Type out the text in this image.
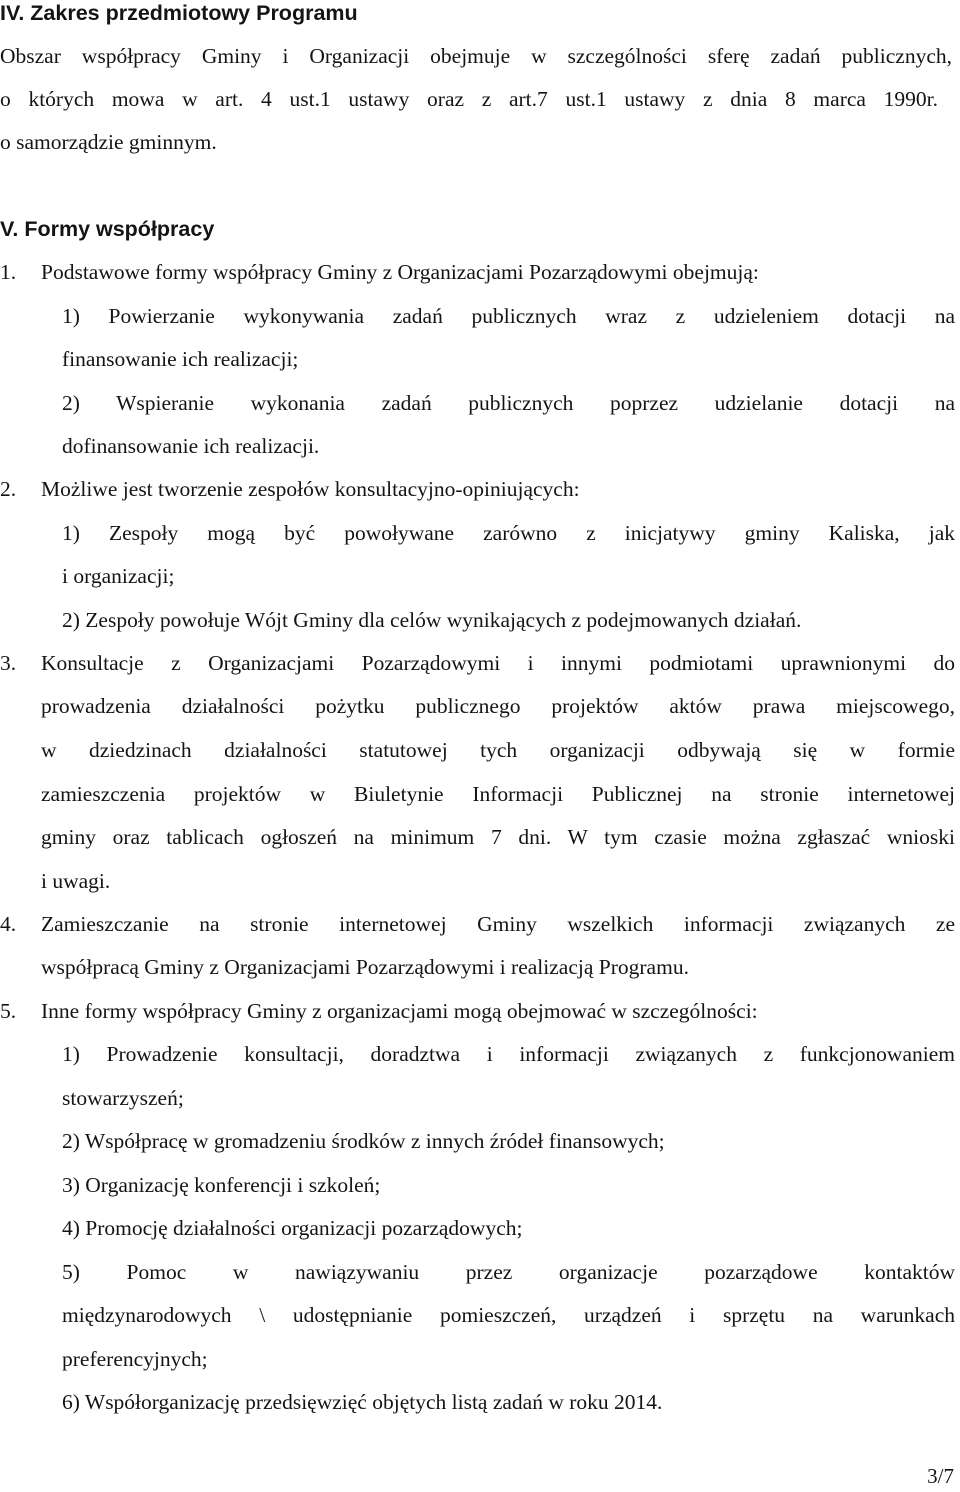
IV. Zakres przedmiotowy Programu
Obszar współpracy Gminy i Organizacji obejmuje w szczególności sferę zadań publicznych,
o których mowa w art. 4 ust.1 ustawy oraz z art.7 ust.1 ustawy z dnia 8 marca 1990r.
o samorządzie gminnym.
V. Formy współpracy
1. Podstawowe formy współpracy Gminy z Organizacjami Pozarządowymi obejmują:
1) Powierzanie wykonywania zadań publicznych wraz z udzieleniem dotacji na
finansowanie ich realizacji;
2) Wspieranie wykonania zadań publicznych poprzez udzielanie dotacji na
dofinansowanie ich realizacji.
2. Możliwe jest tworzenie zespołów konsultacyjno-opiniujących:
1) Zespoły mogą być powoływane zarówno z inicjatywy gminy Kaliska, jak
i organizacji;
2) Zespoły powołuje Wójt Gminy dla celów wynikających z podejmowanych działań.
3. Konsultacje z Organizacjami Pozarządowymi i innymi podmiotami uprawnionymi do
prowadzenia działalności pożytku publicznego projektów aktów prawa miejscowego,
w dziedzinach działalności statutowej tych organizacji odbywają się w formie
zamieszczenia projektów w Biuletynie Informacji Publicznej na stronie internetowej
gminy oraz tablicach ogłoszeń na minimum 7 dni. W tym czasie można zgłaszać wnioski
i uwagi.
4. Zamieszczanie na stronie internetowej Gminy wszelkich informacji związanych ze
współpracą Gminy z Organizacjami Pozarządowymi i realizacją Programu.
5. Inne formy współpracy Gminy z organizacjami mogą obejmować w szczególności:
1) Prowadzenie konsultacji, doradztwa i informacji związanych z funkcjonowaniem
stowarzyszeń;
2) Współpracę w gromadzeniu środków z innych źródeł finansowych;
3) Organizację konferencji i szkoleń;
4) Promocję działalności organizacji pozarządowych;
5) Pomoc w nawiązywaniu przez organizacje pozarządowe kontaktów
międzynarodowych \ udostępnianie pomieszczeń, urządzeń i sprzętu na warunkach
preferencyjnych;
6) Współorganizację przedsięwzięć objętych listą zadań w roku 2014.
3/7
